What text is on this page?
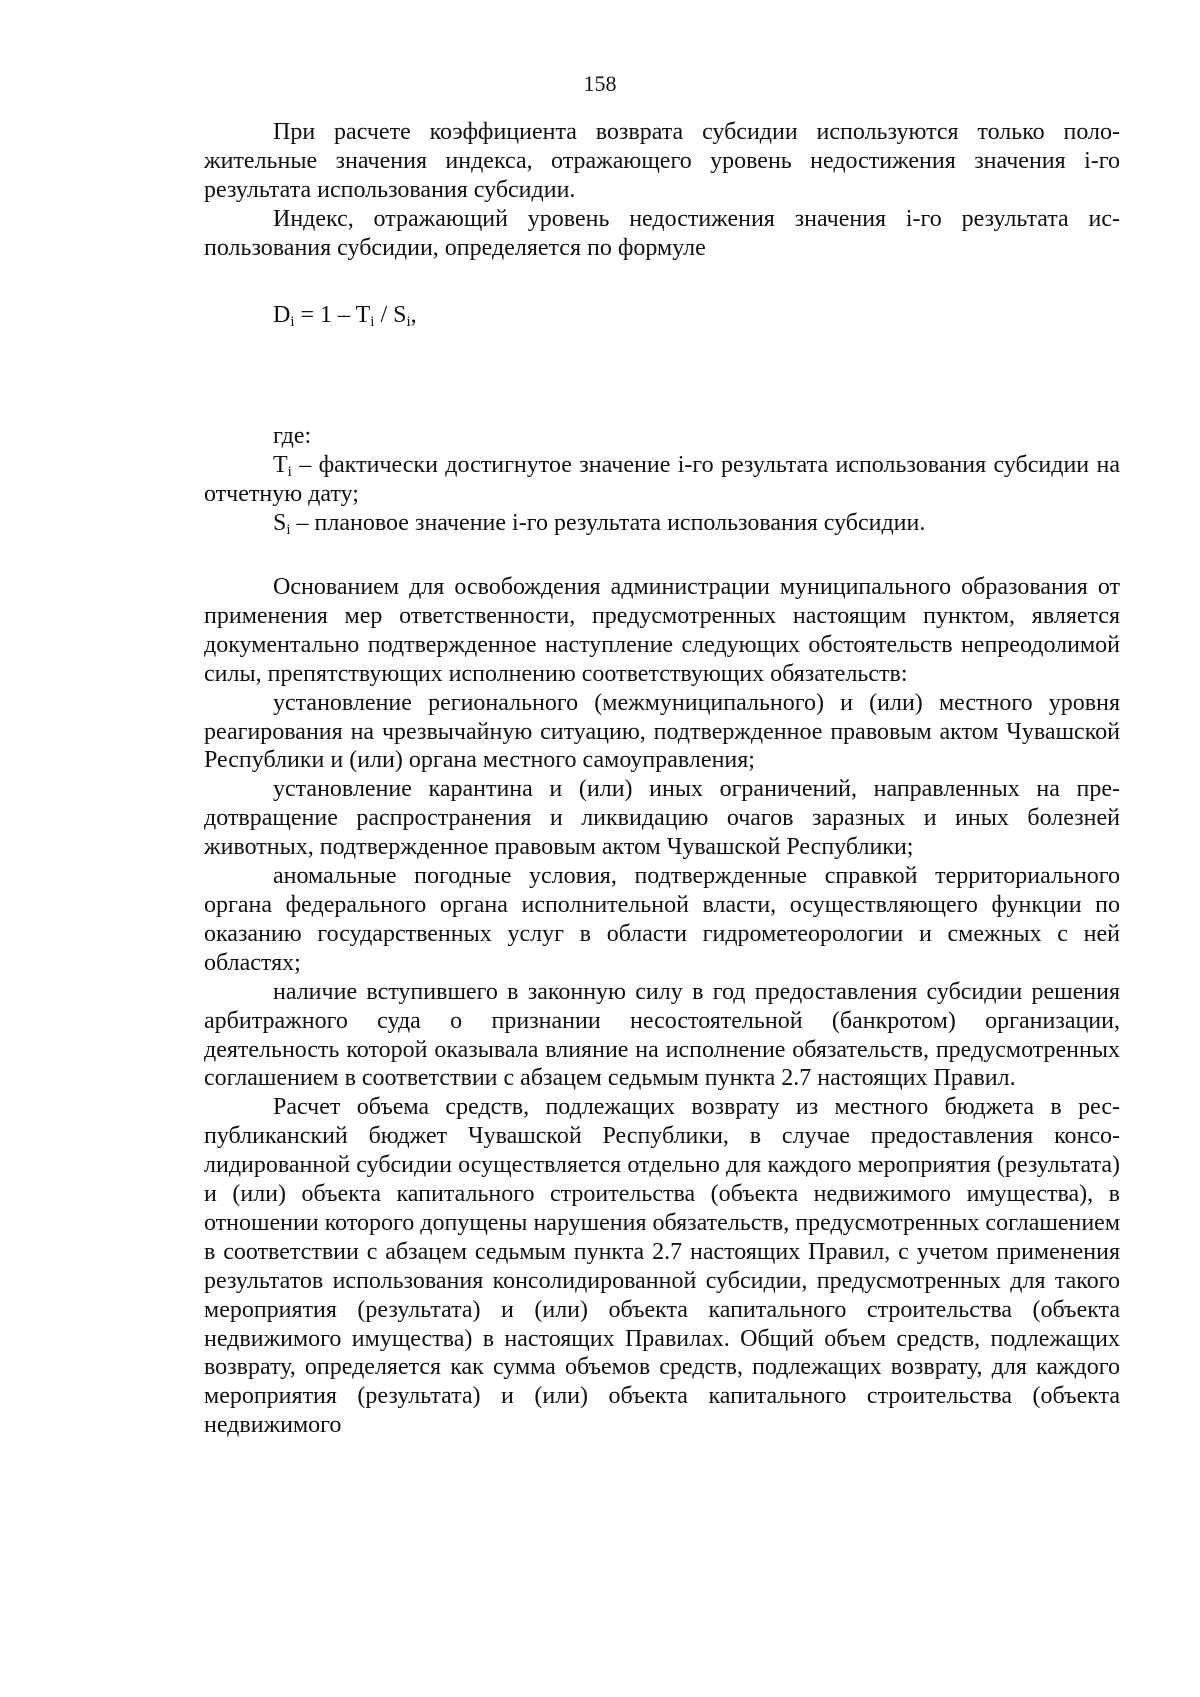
158

При расчете коэффициента возврата субсидии используются только положительные значения индекса, отражающего уровень недостижения значения i-го результата использования субсидии.

Индекс, отражающий уровень недостижения значения i-го результата использования субсидии, определяется по формуле

$D_i = 1 - T_i / S_i$,

где:

Ti – фактически достигнутое значение i-го результата использования субсидии на отчетную дату;

Si – плановое значение i-го результата использования субсидии.

Основанием для освобождения администрации муниципального образования от применения мер ответственности, предусмотренных настоящим пунктом, является документально подтвержденное наступление следующих обстоятельств непреодолимой силы, препятствующих исполнению соответствующих обязательств:

установление регионального (межмуниципального) и (или) местного уровня реагирования на чрезвычайную ситуацию, подтвержденное правовым актом Чувашской Республики и (или) органа местного самоуправления;

установление карантина и (или) иных ограничений, направленных на предотвращение распространения и ликвидацию очагов заразных и иных болезней животных, подтвержденное правовым актом Чувашской Республики;

аномальные погодные условия, подтвержденные справкой территориального органа федерального органа исполнительной власти, осуществляющего функции по оказанию государственных услуг в области гидрометеорологии и смежных с ней областях;

наличие вступившего в законную силу в год предоставления субсидии решения арбитражного суда о признании несостоятельной (банкротом) организации, деятельность которой оказывала влияние на исполнение обязательств, предусмотренных соглашением в соответствии с абзацем седьмым пункта 2.7 настоящих Правил.

Расчет объема средств, подлежащих возврату из местного бюджета в республиканский бюджет Чувашской Республики, в случае предоставления консолидированной субсидии осуществляется отдельно для каждого мероприятия (результата) и (или) объекта капитального строительства (объекта недвижимого имущества), в отношении которого допущены нарушения обязательств, предусмотренных соглашением в соответствии с абзацем седьмым пункта 2.7 настоящих Правил, с учетом применения результатов использования консолидированной субсидии, предусмотренных для такого мероприятия (результата) и (или) объекта капитального строительства (объекта недвижимого имущества) в настоящих Правилах. Общий объем средств, подлежащих возврату, определяется как сумма объемов средств, подлежащих возврату, для каждого мероприятия (результата) и (или) объекта капитального строительства (объекта недвижимого
